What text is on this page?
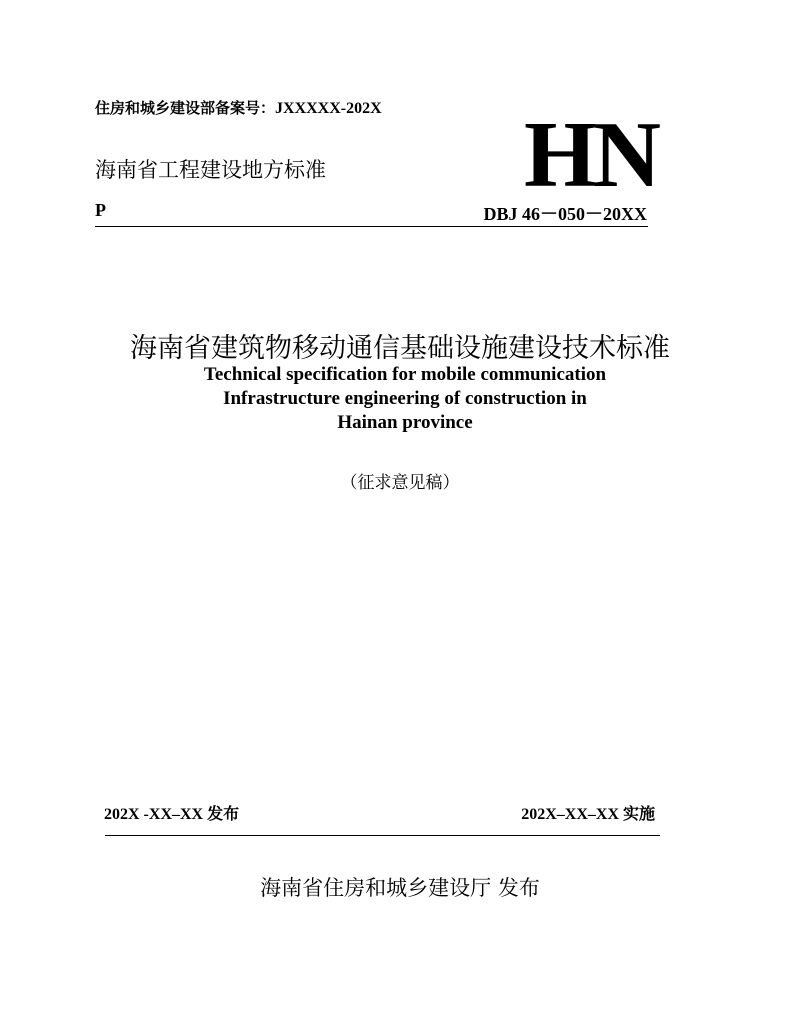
住房和城乡建设部备案号：JXXXXX-202X
海南省工程建设地方标准 HN
P	DBJ 46－050－20XX
海南省建筑物移动通信基础设施建设技术标准
Technical specification for mobile communication
Infrastructure engineering of construction in
Hainan province
（征求意见稿）
202X -XX–XX 发布	202X–XX–XX 实施
海南省住房和城乡建设厅 发布
